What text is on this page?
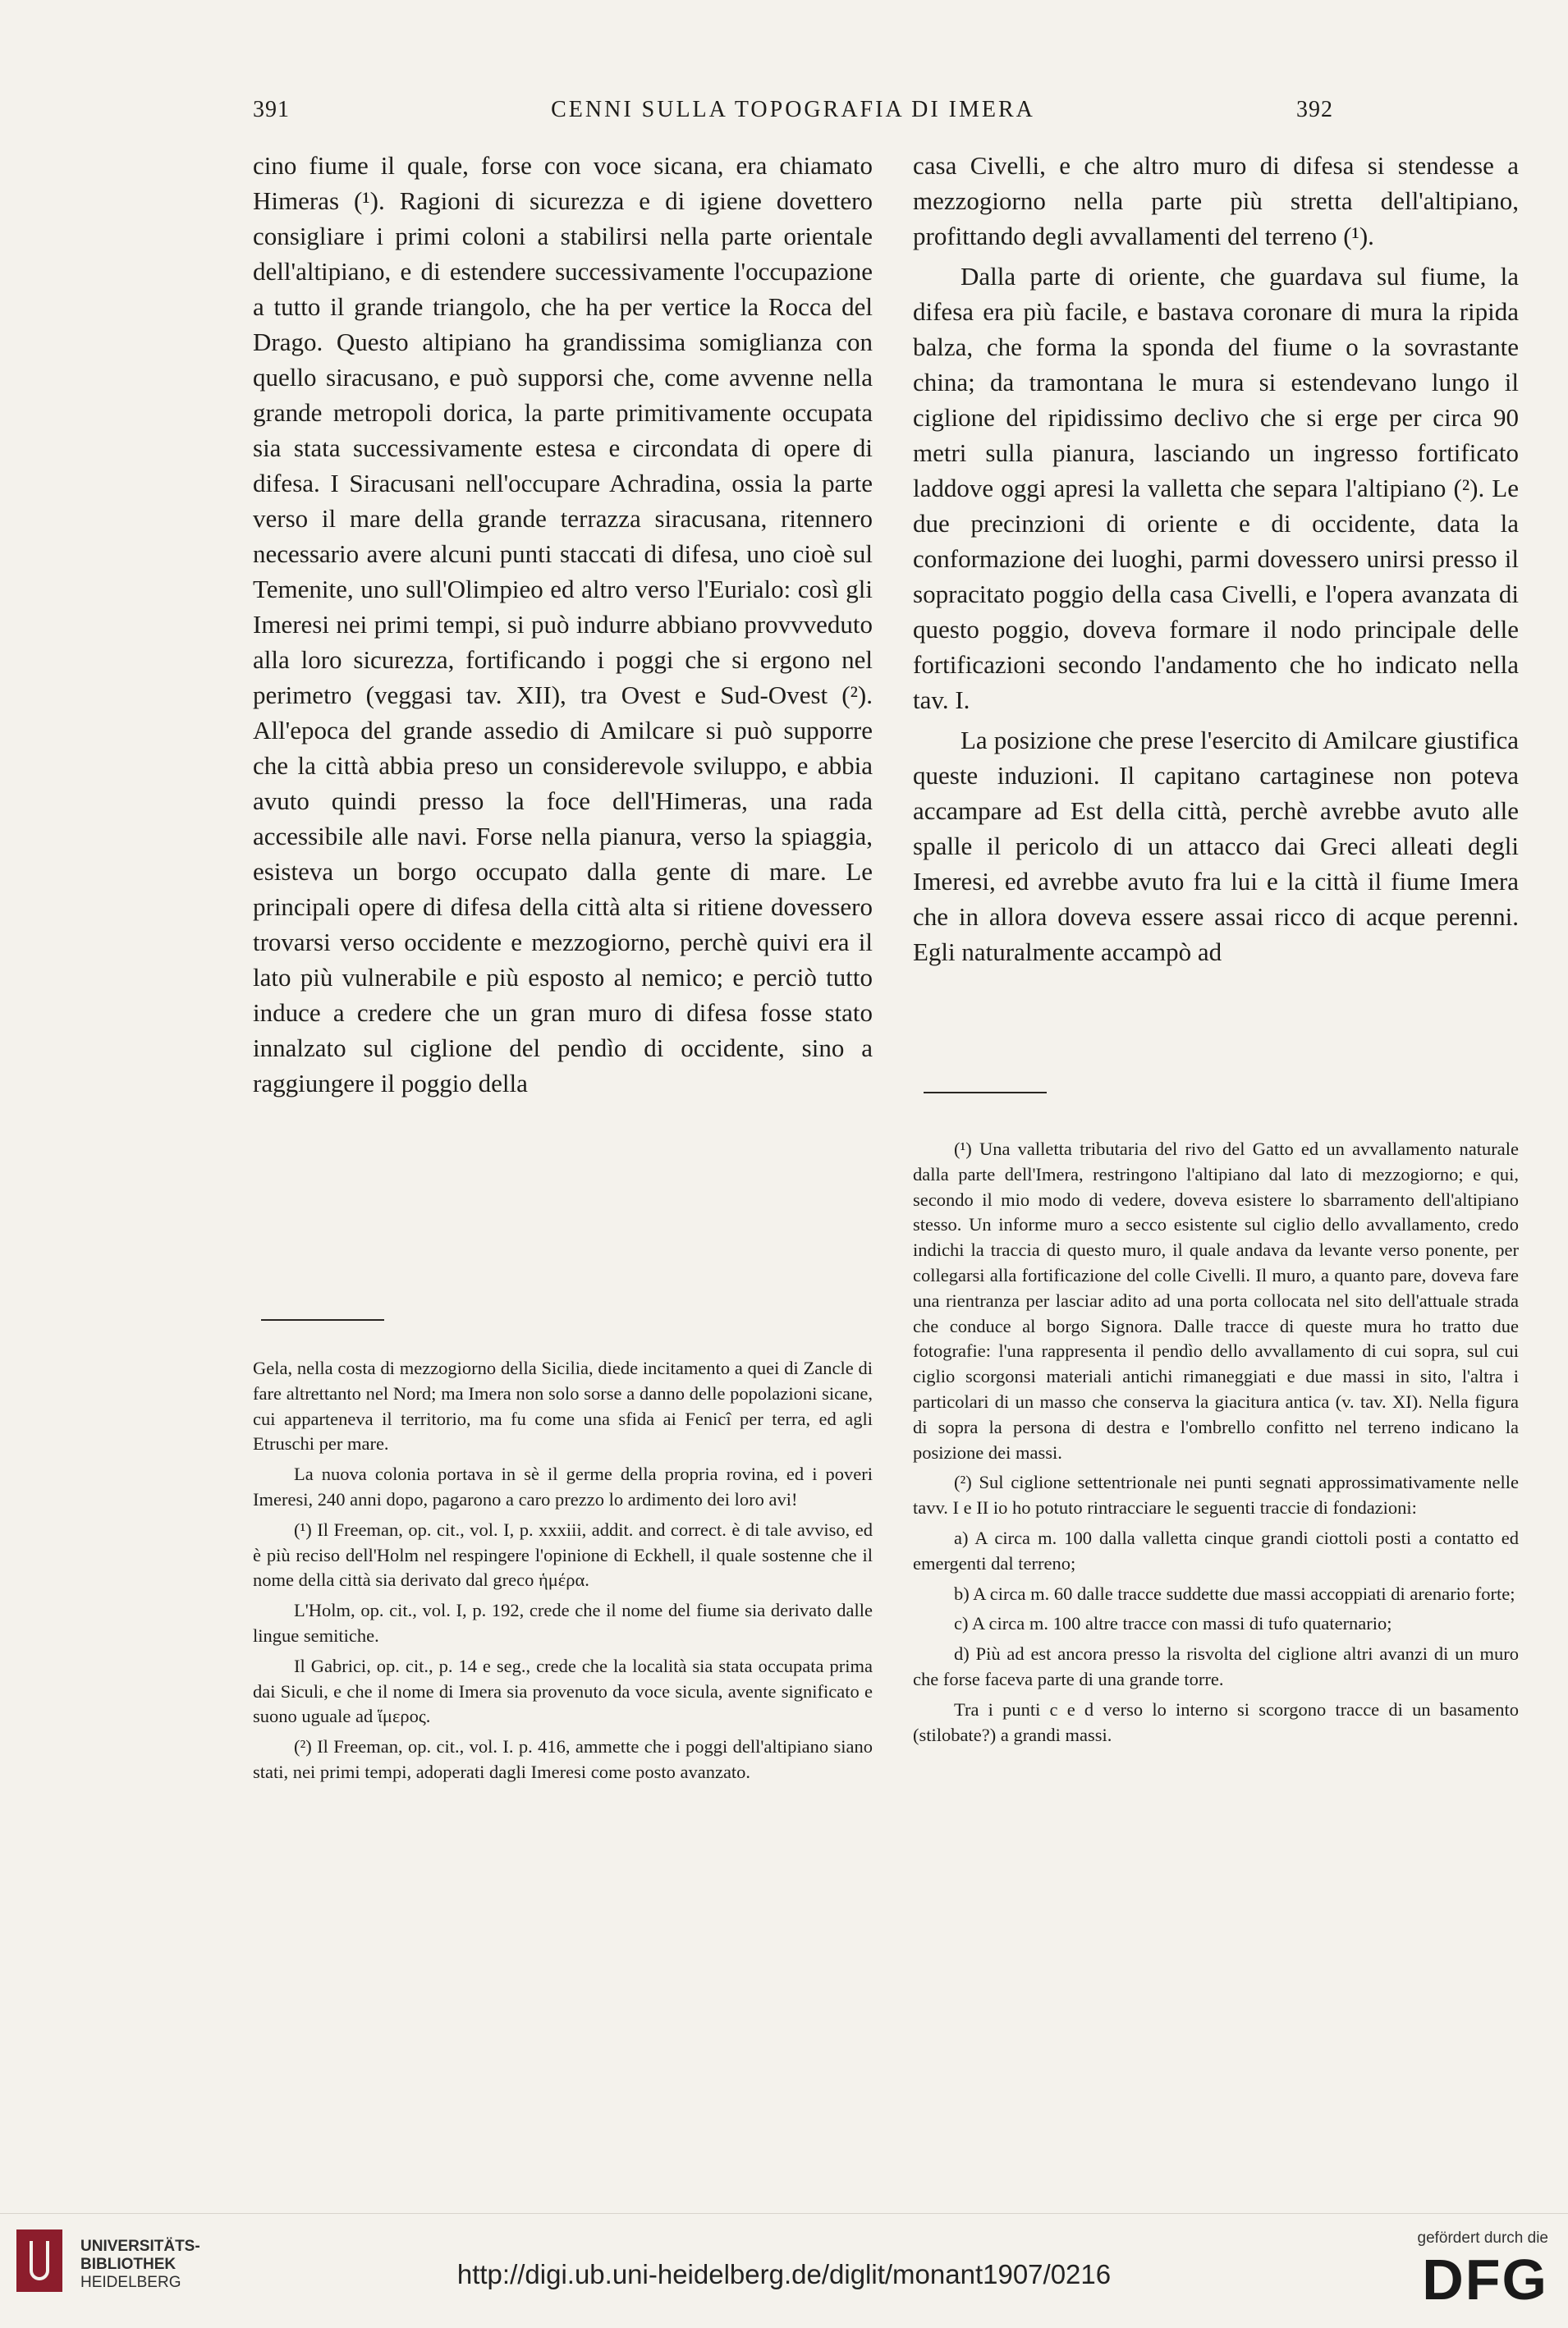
391	CENNI SULLA TOPOGRAFIA DI IMERA	392

cino fiume il quale, forse con voce sicana, era chiamato Himeras (¹). Ragioni di sicurezza e di igiene dovettero consigliare i primi coloni a stabilirsi nella parte orientale dell'altipiano, e di estendere successivamente l'occupazione a tutto il grande triangolo, che ha per vertice la Rocca del Drago. Questo altipiano ha grandissima somiglianza con quello siracusano, e può supporsi che, come avvenne nella grande metropoli dorica, la parte primitivamente occupata sia stata successivamente estesa e circondata di opere di difesa. I Siracusani nell'occupare Achradina, ossia la parte verso il mare della grande terrazza siracusana, ritennero necessario avere alcuni punti staccati di difesa, uno cioè sul Temenite, uno sull'Olimpieo ed altro verso l'Eurialo: così gli Imeresi nei primi tempi, si può indurre abbiano provvveduto alla loro sicurezza, fortificando i poggi che si ergono nel perimetro (veggasi tav. XII), tra Ovest e Sud-Ovest (²). All'epoca del grande assedio di Amilcare si può supporre che la città abbia preso un considerevole sviluppo, e abbia avuto quindi presso la foce dell'Himeras, una rada accessibile alle navi. Forse nella pianura, verso la spiaggia, esisteva un borgo occupato dalla gente di mare. Le principali opere di difesa della città alta si ritiene dovessero trovarsi verso occidente e mezzogiorno, perchè quivi era il lato più vulnerabile e più esposto al nemico; e perciò tutto induce a credere che un gran muro di difesa fosse stato innalzato sul ciglione del pendìo di occidente, sino a raggiungere il poggio della

casa Civelli, e che altro muro di difesa si stendesse a mezzogiorno nella parte più stretta dell'altipiano, profittando degli avvallamenti del terreno (¹).

Dalla parte di oriente, che guardava sul fiume, la difesa era più facile, e bastava coronare di mura la ripida balza, che forma la sponda del fiume o la sovrastante china; da tramontana le mura si estendevano lungo il ciglione del ripidissimo declivo che si erge per circa 90 metri sulla pianura, lasciando un ingresso fortificato laddove oggi apresi la valletta che separa l'altipiano (²). Le due precinzioni di oriente e di occidente, data la conformazione dei luoghi, parmi dovessero unirsi presso il sopracitato poggio della casa Civelli, e l'opera avanzata di questo poggio, doveva formare il nodo principale delle fortificazioni secondo l'andamento che ho indicato nella tav. I.

La posizione che prese l'esercito di Amilcare giustifica queste induzioni. Il capitano cartaginese non poteva accampare ad Est della città, perchè avrebbe avuto alle spalle il pericolo di un attacco dai Greci alleati degli Imeresi, ed avrebbe avuto fra lui e la città il fiume Imera che in allora doveva essere assai ricco di acque perenni. Egli naturalmente accampò ad

Gela, nella costa di mezzogiorno della Sicilia, diede incitamento a quei di Zancle di fare altrettanto nel Nord; ma Imera non solo sorse a danno delle popolazioni sicane, cui apparteneva il territorio, ma fu come una sfida ai Fenicî per terra, ed agli Etruschi per mare.

La nuova colonia portava in sè il germe della propria rovina, ed i poveri Imeresi, 240 anni dopo, pagarono a caro prezzo lo ardimento dei loro avi!

(¹) Il Freeman, op. cit., vol. I, p. xxxiii, addit. and correct. è di tale avviso, ed è più reciso dell'Holm nel respingere l'opinione di Eckhell, il quale sostenne che il nome della città sia derivato dal greco ἡμέρα.

L'Holm, op. cit., vol. I, p. 192, crede che il nome del fiume sia derivato dalle lingue semitiche.

Il Gabrici, op. cit., p. 14 e seg., crede che la località sia stata occupata prima dai Siculi, e che il nome di Imera sia provenuto da voce sicula, avente significato e suono uguale ad ἵμερος.

(²) Il Freeman, op. cit., vol. I. p. 416, ammette che i poggi dell'altipiano siano stati, nei primi tempi, adoperati dagli Imeresi come posto avanzato.

(¹) Una valletta tributaria del rivo del Gatto ed un avvallamento naturale dalla parte dell'Imera, restringono l'altipiano dal lato di mezzogiorno; e qui, secondo il mio modo di vedere, doveva esistere lo sbarramento dell'altipiano stesso. Un informe muro a secco esistente sul ciglio dello avvallamento, credo indichi la traccia di questo muro, il quale andava da levante verso ponente, per collegarsi alla fortificazione del colle Civelli. Il muro, a quanto pare, doveva fare una rientranza per lasciar adito ad una porta collocata nel sito dell'attuale strada che conduce al borgo Signora. Dalle tracce di queste mura ho tratto due fotografie: l'una rappresenta il pendìo dello avvallamento di cui sopra, sul cui ciglio scorgonsi materiali antichi rimaneggiati e due massi in sito, l'altra i particolari di un masso che conserva la giacitura antica (v. tav. XI). Nella figura di sopra la persona di destra e l'ombrello confitto nel terreno indicano la posizione dei massi.

(²) Sul ciglione settentrionale nei punti segnati approssimativamente nelle tavv. I e II io ho potuto rintracciare le seguenti traccie di fondazioni:

a) A circa m. 100 dalla valletta cinque grandi ciottoli posti a contatto ed emergenti dal terreno;

b) A circa m. 60 dalle tracce suddette due massi accoppiati di arenario forte;

c) A circa m. 100 altre tracce con massi di tufo quaternario;

d) Più ad est ancora presso la risvolta del ciglione altri avanzi di un muro che forse faceva parte di una grande torre.

Tra i punti c e d verso lo interno si scorgono tracce di un basamento (stilobate?) a grandi massi.

UNIVERSITÄTS-
BIBLIOTHEK
HEIDELBERG	http://digi.ub.uni-heidelberg.de/diglit/monant1907/0216
gefördert durch die
DFG
